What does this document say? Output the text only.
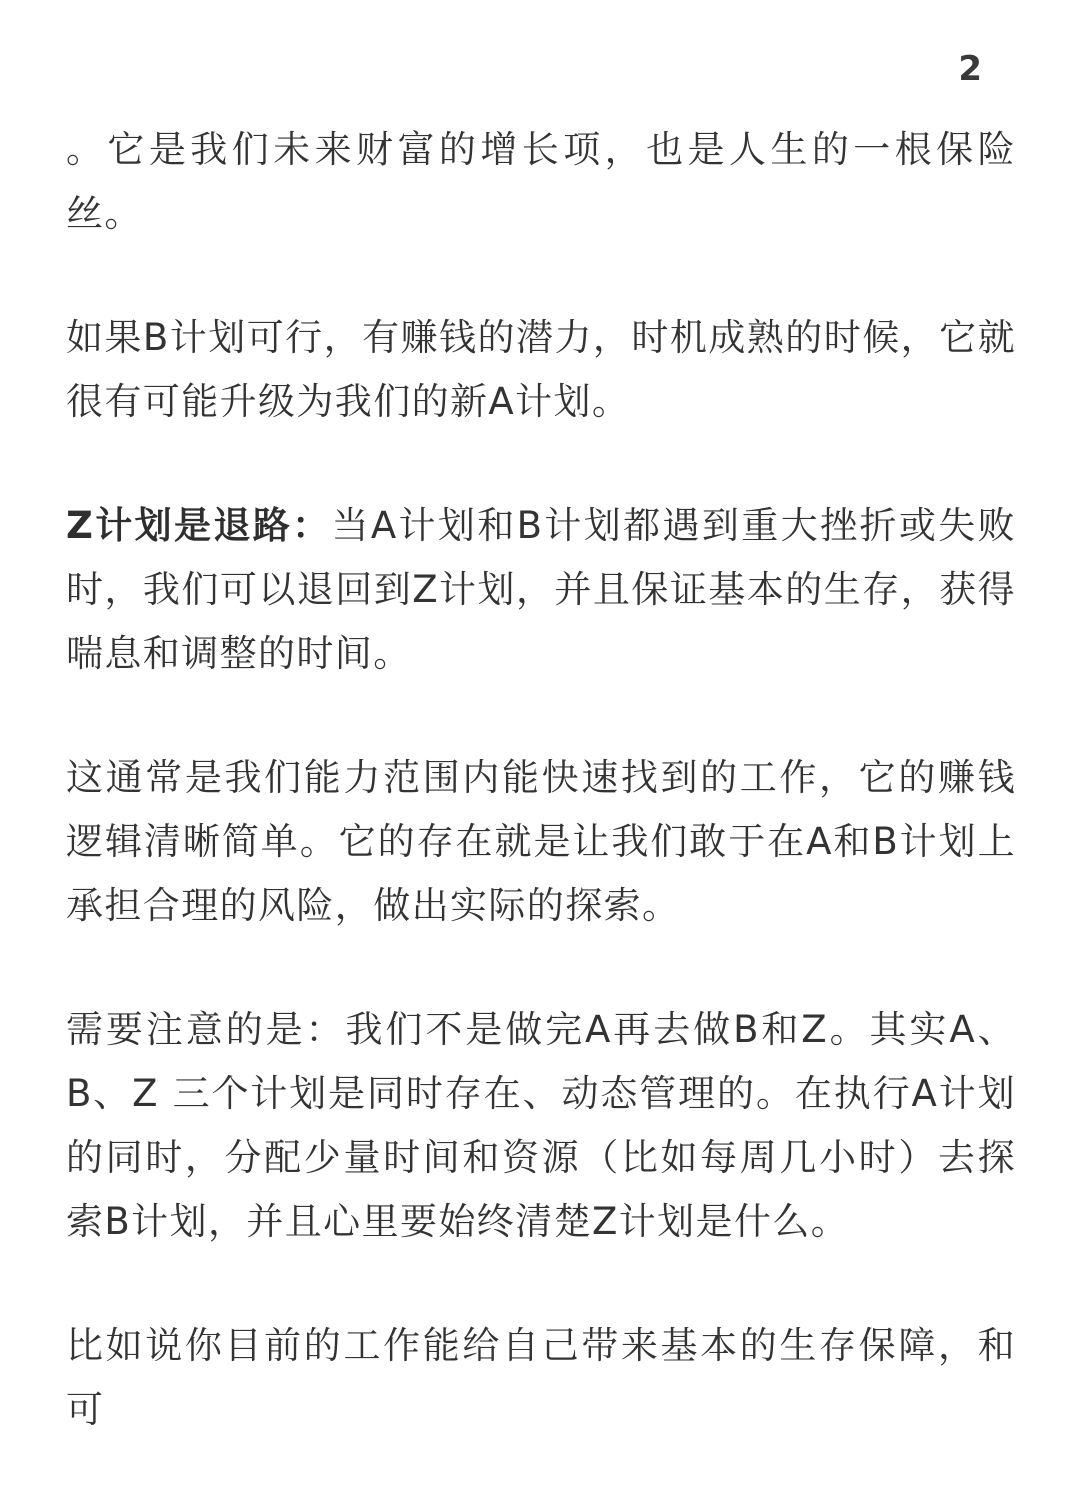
2

。它是我们未来财富的增长项，也是人生的一根保险丝。

如果B计划可行，有赚钱的潜力，时机成熟的时候，它就很有可能升级为我们的新A计划。

Z计划是退路：当A计划和B计划都遇到重大挫折或失败时，我们可以退回到Z计划，并且保证基本的生存，获得喘息和调整的时间。

这通常是我们能力范围内能快速找到的工作，它的赚钱逻辑清晰简单。它的存在就是让我们敢于在A和B计划上承担合理的风险，做出实际的探索。

需要注意的是：我们不是做完A再去做B和Z。其实A、B、Z 三个计划是同时存在、动态管理的。在执行A计划的同时，分配少量时间和资源（比如每周几小时）去探索B计划，并且心里要始终清楚Z计划是什么。

比如说你目前的工作能给自己带来基本的生存保障，和可
